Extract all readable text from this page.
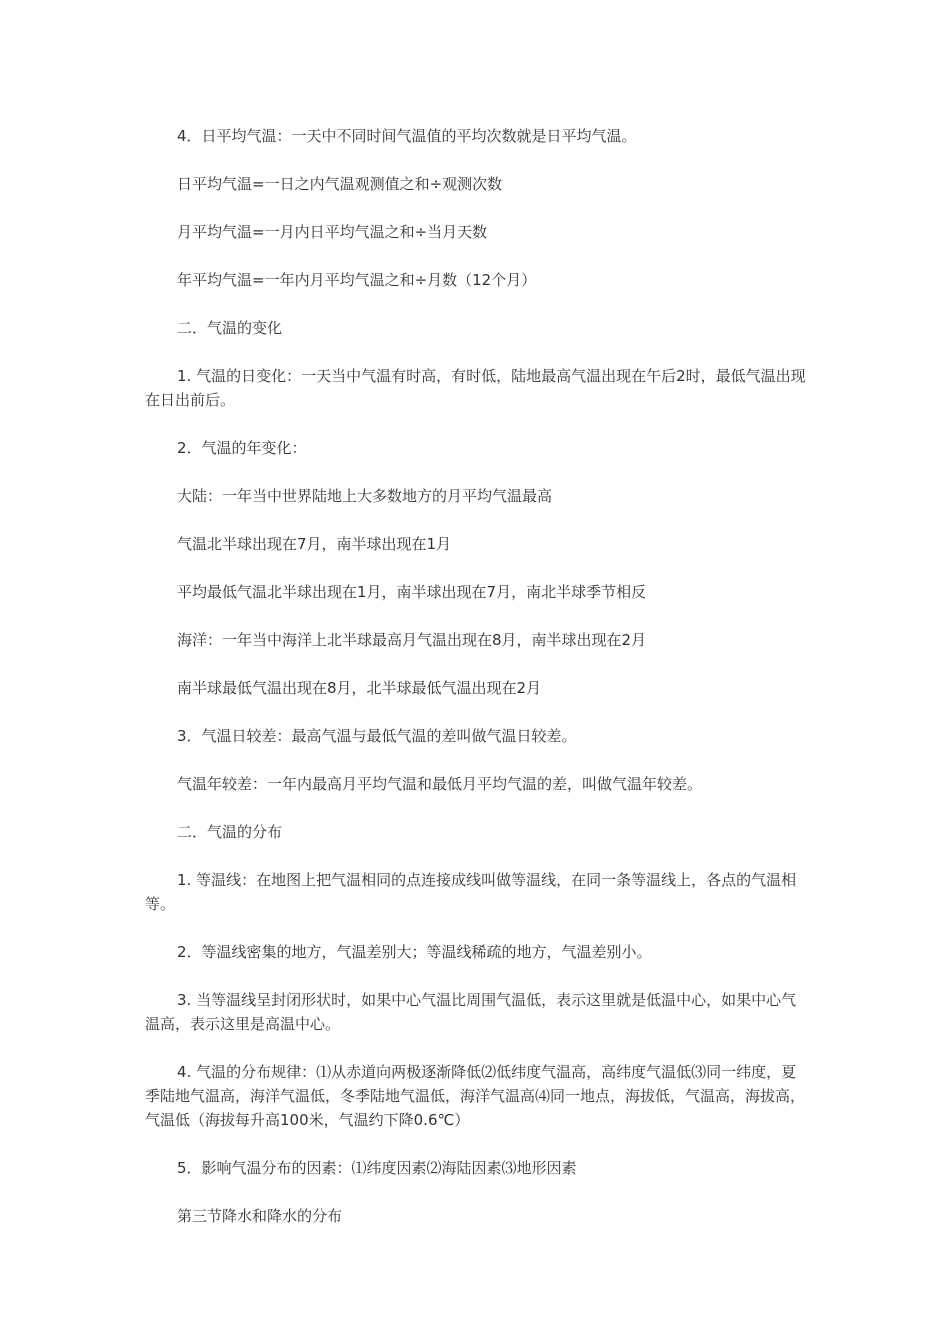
4．日平均气温：一天中不同时间气温值的平均次数就是日平均气温。

日平均气温=一日之内气温观测值之和÷观测次数

月平均气温=一月内日平均气温之和÷当月天数

年平均气温=一年内月平均气温之和÷月数（12个月）

二．气温的变化

1. 气温的日变化：一天当中气温有时高，有时低，陆地最高气温出现在午后2时，最低气温出现在日出前后。

2．气温的年变化：

大陆：一年当中世界陆地上大多数地方的月平均气温最高

气温北半球出现在7月，南半球出现在1月

平均最低气温北半球出现在1月，南半球出现在7月，南北半球季节相反

海洋：一年当中海洋上北半球最高月气温出现在8月，南半球出现在2月

南半球最低气温出现在8月，北半球最低气温出现在2月

3．气温日较差：最高气温与最低气温的差叫做气温日较差。

气温年较差：一年内最高月平均气温和最低月平均气温的差，叫做气温年较差。

二．气温的分布

1. 等温线：在地图上把气温相同的点连接成线叫做等温线，在同一条等温线上，各点的气温相等。

2．等温线密集的地方，气温差别大；等温线稀疏的地方，气温差别小。

3. 当等温线呈封闭形状时，如果中心气温比周围气温低，表示这里就是低温中心，如果中心气温高，表示这里是高温中心。

4. 气温的分布规律：⑴从赤道向两极逐渐降低⑵低纬度气温高，高纬度气温低⑶同一纬度，夏季陆地气温高，海洋气温低，冬季陆地气温低，海洋气温高⑷同一地点，海拔低，气温高，海拔高，气温低（海拔每升高100米，气温约下降0.6℃）

5．影响气温分布的因素：⑴纬度因素⑵海陆因素⑶地形因素

第三节降水和降水的分布
